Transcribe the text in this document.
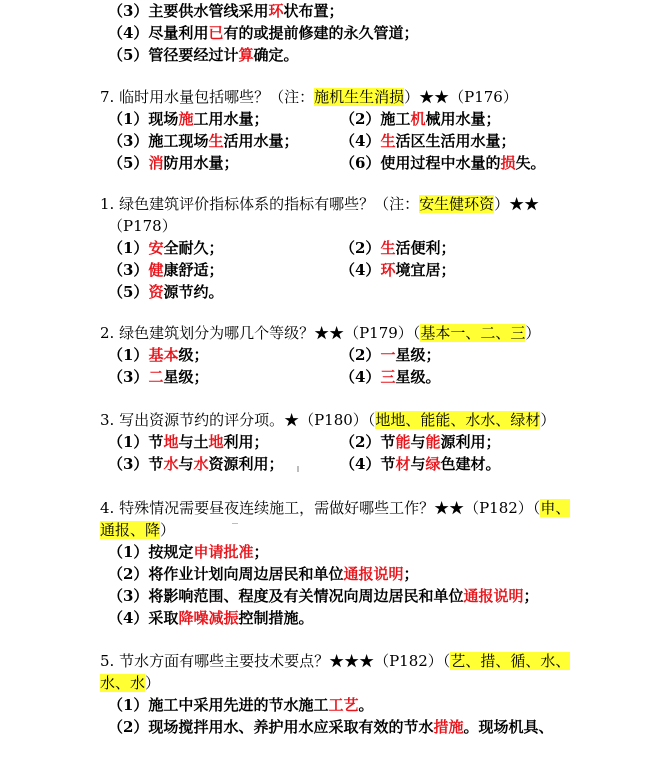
（3）主要供水管线采用环状布置；
（4）尽量利用已有的或提前修建的永久管道；
（5）管径要经过计算确定。
7. 临时用水量包括哪些？（注：施机生生消损）★★（P176）
（1）现场施工用水量；	（2）施工机械用水量；
（3）施工现场生活用水量；	（4）生活区生活用水量；
（5）消防用水量；	（6）使用过程中水量的损失。
1. 绿色建筑评价指标体系的指标有哪些？（注：安生健环资）★★
（P178）
（1）安全耐久；	（2）生活便利；
（3）健康舒适；	（4）环境宜居；
（5）资源节约。
2. 绿色建筑划分为哪几个等级？★★（P179）（基本一、二、三）
（1）基本级；	（2）一星级；
（3）二星级；	（4）三星级。
3. 写出资源节约的评分项。★（P180）（地地、能能、水水、绿材）
（1）节地与土地利用；	（2）节能与能源利用；
（3）节水与水资源利用；	（4）节材与绿色建材。
4. 特殊情况需要昼夜连续施工，需做好哪些工作？★★（P182）（申、
通报、降）
（1）按规定申请批准；
（2）将作业计划向周边居民和单位通报说明；
（3）将影响范围、程度及有关情况向周边居民和单位通报说明；
（4）采取降噪减振控制措施。
5. 节水方面有哪些主要技术要点？★★★（P182）（艺、措、循、水、
水、水）
（1）施工中采用先进的节水施工工艺。
（2）现场搅拌用水、养护用水应采取有效的节水措施。现场机具、
